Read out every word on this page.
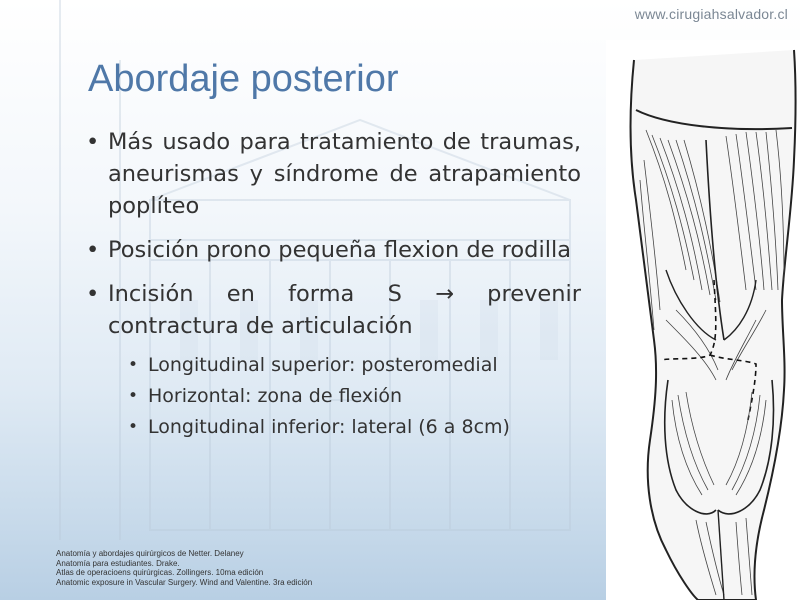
www.cirugiahsalvador.cl
Abordaje posterior
• Más usado para tratamiento de traumas, aneurismas y síndrome de atrapamiento poplíteo
• Posición prono pequeña flexion de rodilla
• Incisión en forma S → prevenir contractura de articulación
• Longitudinal superior: posteromedial
• Horizontal: zona de flexión
• Longitudinal inferior: lateral (6 a 8cm)
Anatomía y abordajes quirúrgicos de Netter. Delaney
Anatomía para estudiantes. Drake.
Atlas de operacioens quirúrgicas. Zollingers. 10ma edición
Anatomic exposure in Vascular Surgery. Wind and Valentine. 3ra edición
